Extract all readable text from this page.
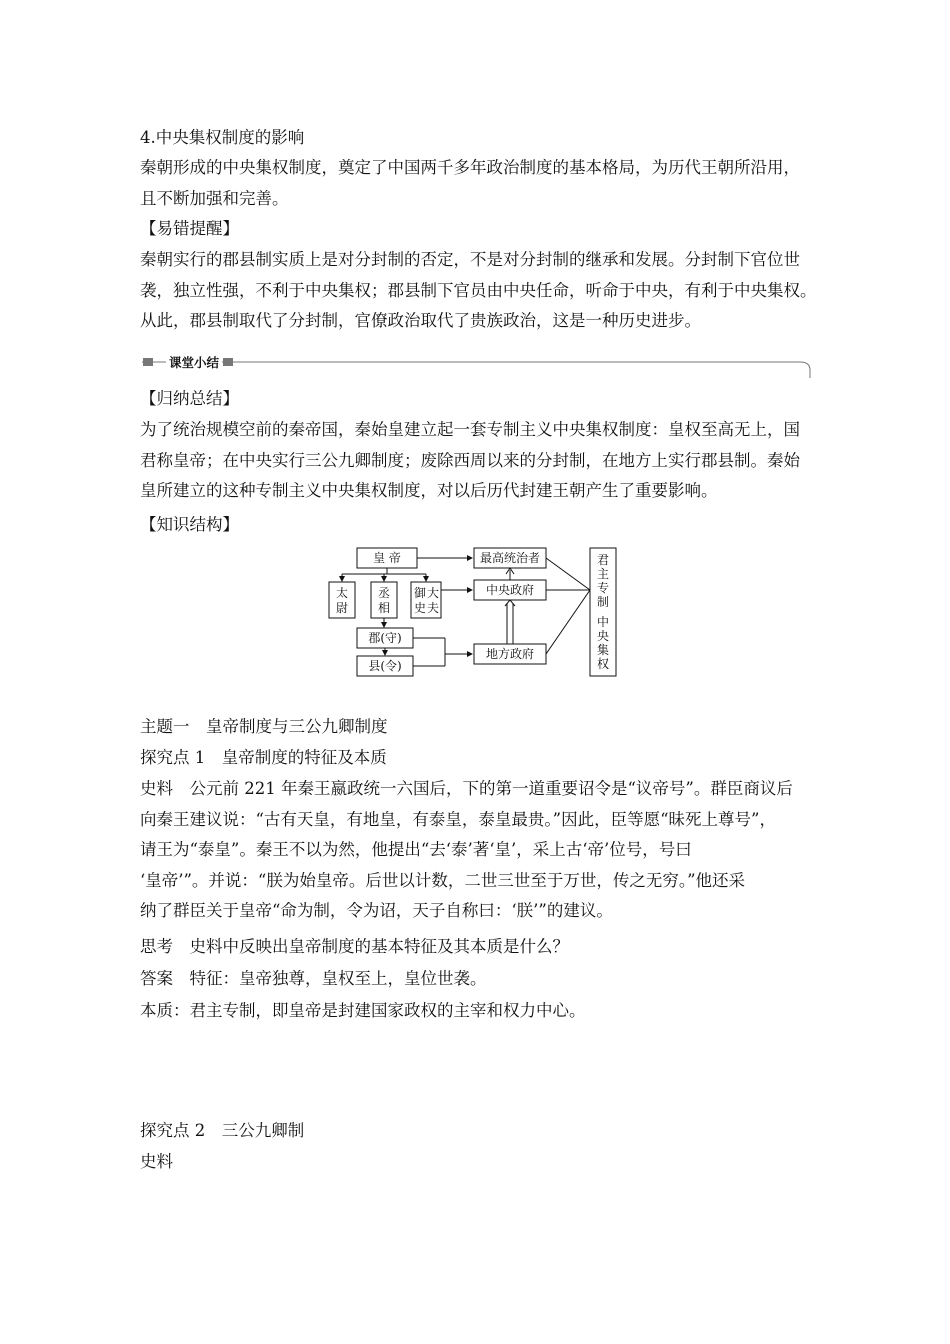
4.中央集权制度的影响
秦朝形成的中央集权制度，奠定了中国两千多年政治制度的基本格局，为历代王朝所沿用，
且不断加强和完善。
【易错提醒】
秦朝实行的郡县制实质上是对分封制的否定，不是对分封制的继承和发展。分封制下官位世
袭，独立性强，不利于中央集权；郡县制下官员由中央任命，听命于中央，有利于中央集权。
从此，郡县制取代了分封制，官僚政治取代了贵族政治，这是一种历史进步。
课堂小结
【归纳总结】
为了统治规模空前的秦帝国，秦始皇建立起一套专制主义中央集权制度：皇权至高无上，国
君称皇帝；在中央实行三公九卿制度；废除西周以来的分封制，在地方上实行郡县制。秦始
皇所建立的这种专制主义中央集权制度，对以后历代封建王朝产生了重要影响。
【知识结构】
皇 帝
太
尉
丞
相
御 大
史 夫
郡(守)
县(令)
最高统治者
中央政府
地方政府
君
主
专
制
中
央
集
权
主题一　皇帝制度与三公九卿制度
探究点 1　皇帝制度的特征及本质
史料　公元前 221 年秦王嬴政统一六国后，下的第一道重要诏令是“议帝号”。群臣商议后
向秦王建议说：“古有天皇，有地皇，有泰皇，泰皇最贵。”因此，臣等愿“昧死上尊号”，
请王为“泰皇”。秦王不以为然，他提出“去‘泰’著‘皇’，采上古‘帝’位号，号曰
‘皇帝’”。并说：“朕为始皇帝。后世以计数，二世三世至于万世，传之无穷。”他还采
纳了群臣关于皇帝“命为制，令为诏，天子自称曰：‘朕’”的建议。
思考　史料中反映出皇帝制度的基本特征及其本质是什么？
答案　特征：皇帝独尊，皇权至上，皇位世袭。
本质：君主专制，即皇帝是封建国家政权的主宰和权力中心。
探究点 2　三公九卿制
史料
